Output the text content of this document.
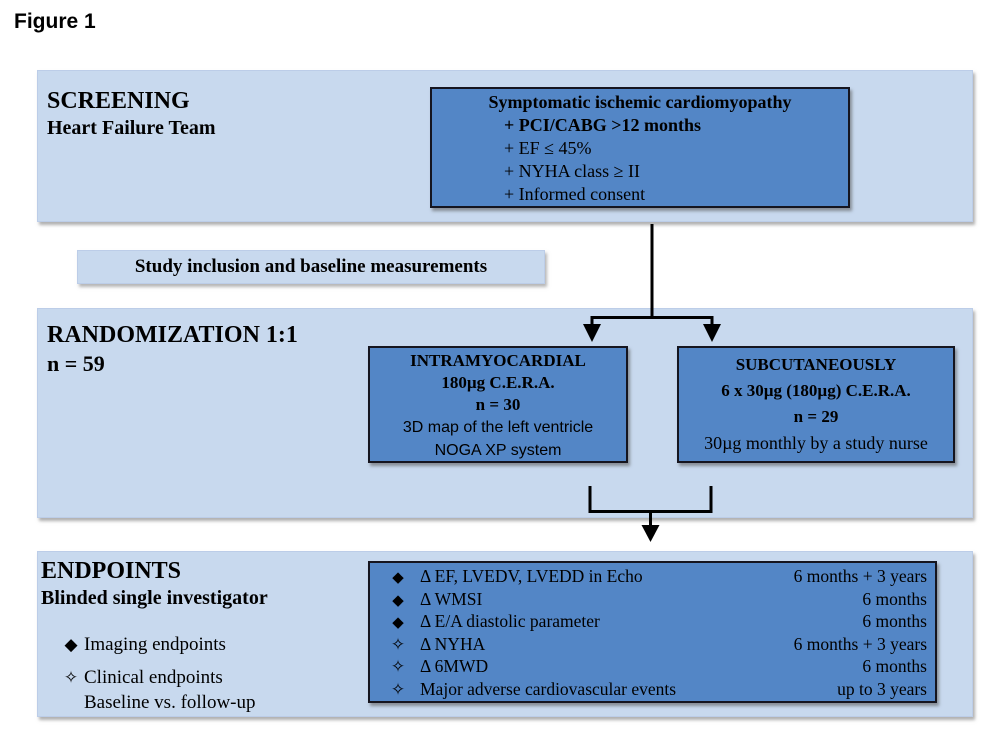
Figure 1
SCREENING
Heart Failure Team
Symptomatic ischemic cardiomyopathy
+ PCI/CABG >12 months
+ EF ≤ 45%
+ NYHA class ≥ II
+ Informed consent
Study inclusion and baseline measurements
RANDOMIZATION 1:1
n = 59	INTRAMYOCARDIAL
180µg C.E.R.A.
n = 30
3D map of the left ventricle
NOGA XP system
SUBCUTANEOUSLY
6 x 30µg (180µg) C.E.R.A.
n = 29
30µg monthly by a study nurse
ENDPOINTS
Blinded single investigator
◆ Imaging endpoints
✧ Clinical endpoints
Baseline vs. follow-up
◆ Δ EF, LVEDV, LVEDD in Echo	6 months + 3 years
◆ Δ WMSI	6 months
◆ Δ E/A diastolic parameter	6 months
✧ Δ NYHA	6 months + 3 years
✧ Δ 6MWD	6 months
✧ Major adverse cardiovascular events	up to 3 years
